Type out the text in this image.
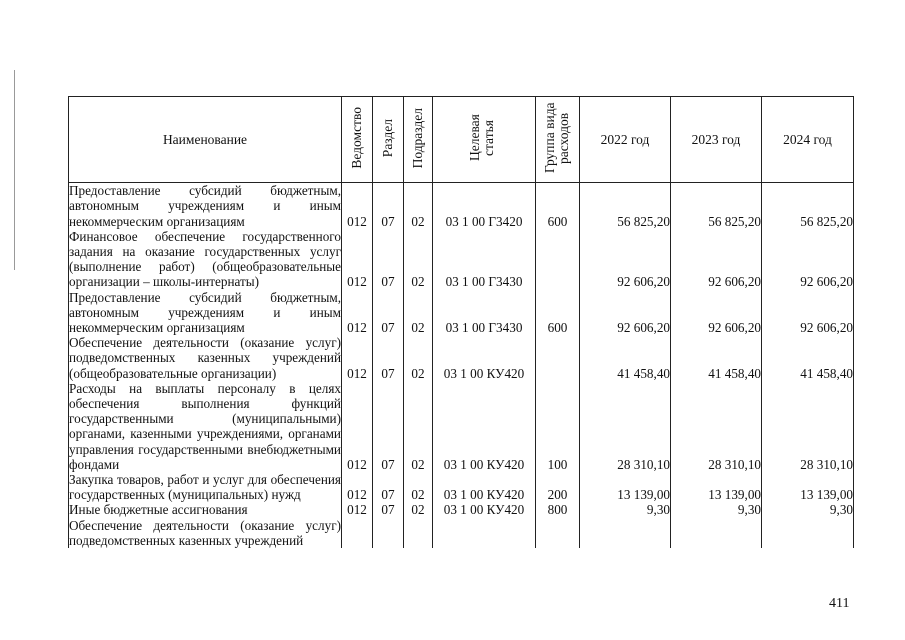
Наименование	Ведомство	Раздел	Подраздел	Целевая статья	Группа вида расходов	2022 год	2023 год	2024 год
Предоставление субсидий бюджетным, автономным учреждениям и иным некоммерческим организациям	012	07	02	03 1 00 Г3420	600	56 825,20	56 825,20	56 825,20
Финансовое обеспечение государственного задания на оказание государственных услуг (выполнение работ) (общеобразовательные организации – школы-интернаты)	012	07	02	03 1 00 Г3430		92 606,20	92 606,20	92 606,20
Предоставление субсидий бюджетным, автономным учреждениям и иным некоммерческим организациям	012	07	02	03 1 00 Г3430	600	92 606,20	92 606,20	92 606,20
Обеспечение деятельности (оказание услуг) подведомственных казенных учреждений (общеобразовательные организации)	012	07	02	03 1 00 КУ420		41 458,40	41 458,40	41 458,40
Расходы на выплаты персоналу в целях обеспечения выполнения функций государственными (муниципальными) органами, казенными учреждениями, органами управления государственными внебюджетными фондами	012	07	02	03 1 00 КУ420	100	28 310,10	28 310,10	28 310,10
Закупка товаров, работ и услуг для обеспечения государственных (муниципальных) нужд	012	07	02	03 1 00 КУ420	200	13 139,00	13 139,00	13 139,00
Иные бюджетные ассигнования	012	07	02	03 1 00 КУ420	800	9,30	9,30	9,30
Обеспечение деятельности (оказание услуг) подведомственных казенных учреждений								
411
